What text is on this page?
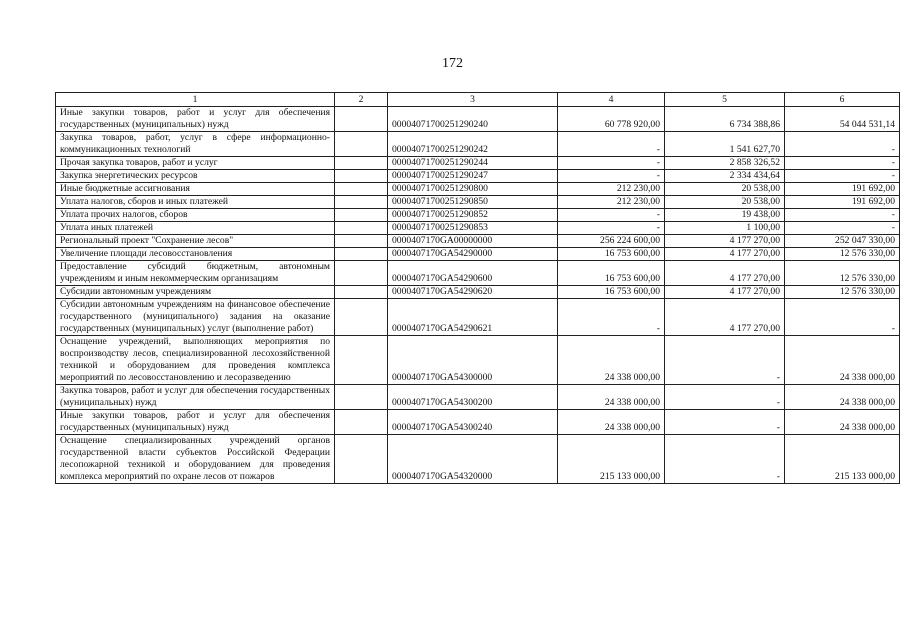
172
1	2	3	4	5	6
Иные закупки товаров, работ и услуг для обеспечения государственных (муниципальных) нужд		00004071700251290240	60 778 920,00	6 734 388,86	54 044 531,14
Закупка товаров, работ, услуг в сфере информационно-коммуникационных технологий		00004071700251290242	-	1 541 627,70	-
Прочая закупка товаров, работ и услуг		00004071700251290244	-	2 858 326,52	-
Закупка энергетических ресурсов		00004071700251290247	-	2 334 434,64	-
Иные бюджетные ассигнования		00004071700251290800	212 230,00	20 538,00	191 692,00
Уплата налогов, сборов и иных платежей		00004071700251290850	212 230,00	20 538,00	191 692,00
Уплата прочих налогов, сборов		00004071700251290852	-	19 438,00	-
Уплата иных платежей		00004071700251290853	-	1 100,00	-
Региональный проект "Сохранение лесов"		0000407170GA00000000	256 224 600,00	4 177 270,00	252 047 330,00
Увеличение площади лесовосстановления		0000407170GA54290000	16 753 600,00	4 177 270,00	12 576 330,00
Предоставление субсидий бюджетным, автономным учреждениям и иным некоммерческим организациям		0000407170GA54290600	16 753 600,00	4 177 270,00	12 576 330,00
Субсидии автономным учреждениям		0000407170GA54290620	16 753 600,00	4 177 270,00	12 576 330,00
Субсидии автономным учреждениям на финансовое обеспечение государственного (муниципального) задания на оказание государственных (муниципальных) услуг (выполнение работ)		0000407170GA54290621	-	4 177 270,00	-
Оснащение учреждений, выполняющих мероприятия по воспроизводству лесов, специализированной лесохозяйственной техникой и оборудованием для проведения комплекса мероприятий по лесовосстановлению и лесоразведению		0000407170GA54300000	24 338 000,00	-	24 338 000,00
Закупка товаров, работ и услуг для обеспечения государственных (муниципальных) нужд		0000407170GA54300200	24 338 000,00	-	24 338 000,00
Иные закупки товаров, работ и услуг для обеспечения государственных (муниципальных) нужд		0000407170GA54300240	24 338 000,00	-	24 338 000,00
Оснащение специализированных учреждений органов государственной власти субъектов Российской Федерации лесопожарной техникой и оборудованием для проведения комплекса мероприятий по охране лесов от пожаров		0000407170GA54320000	215 133 000,00	-	215 133 000,00
